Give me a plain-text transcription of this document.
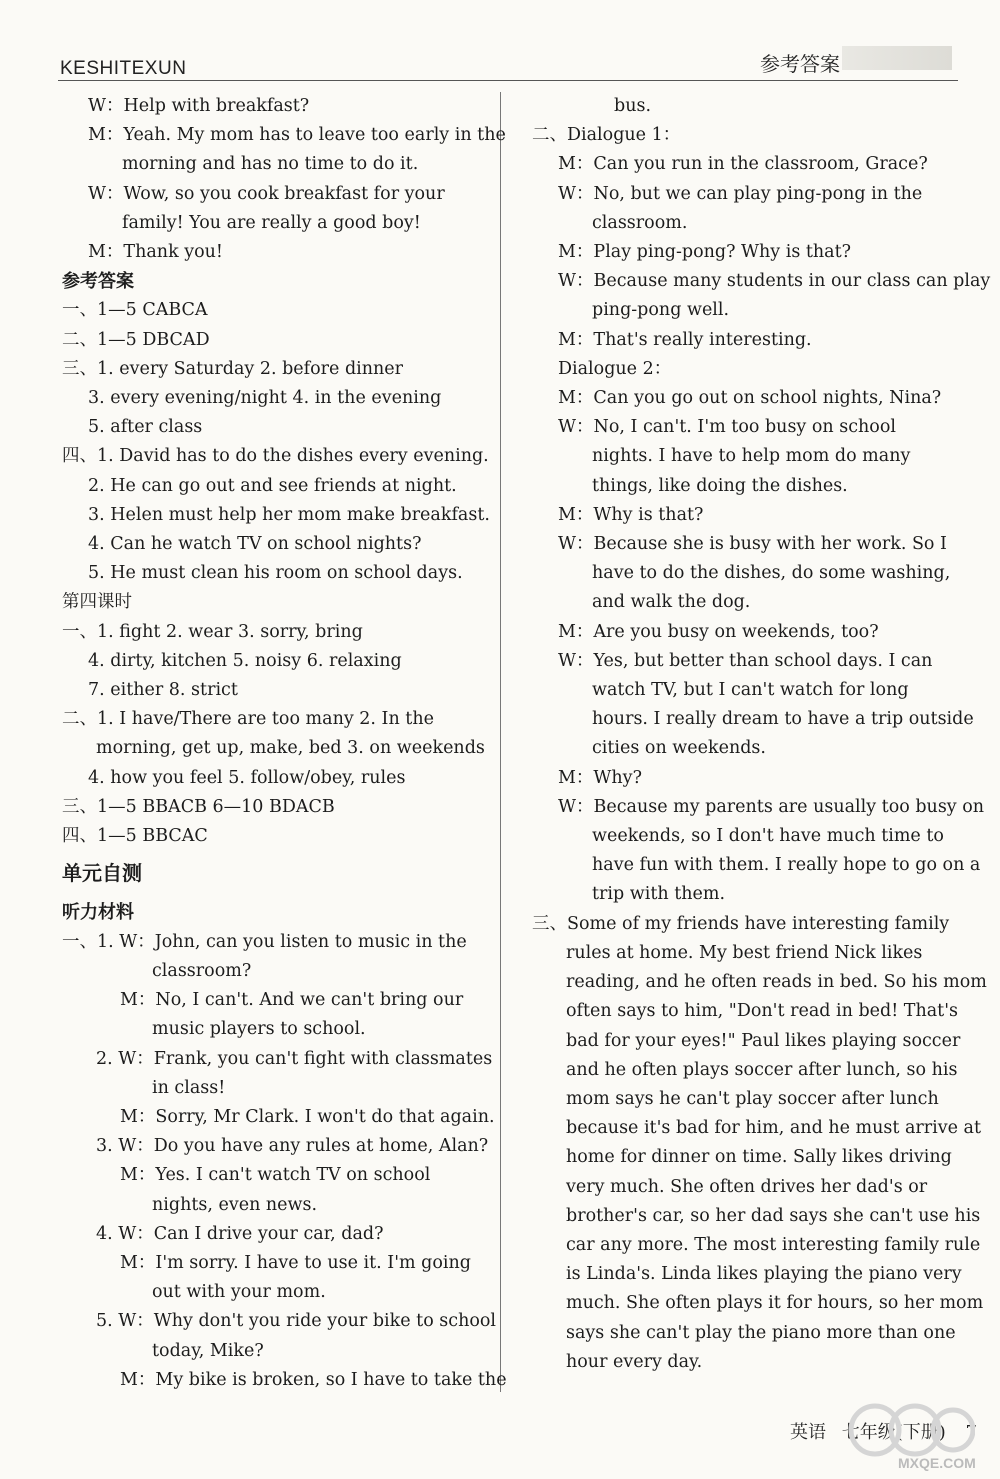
KESHITEXUN	参考答案
W： Help with breakfast?
M： Yeah. My mom has to leave too early in the
morning and has no time to do it.
W： Wow, so you cook breakfast for your
family! You are really a good boy!
M： Thank you!
参考答案
一、 1—5 CABCA
二、 1—5 DBCAD
三、 1. every Saturday 2. before dinner
3. every evening/night 4. in the evening
5. after class
四、 1. David has to do the dishes every evening.
2. He can go out and see friends at night.
3. Helen must help her mom make breakfast.
4. Can he watch TV on school nights?
5. He must clean his room on school days.
第四课时
一、 1. fight 2. wear 3. sorry, bring
4. dirty, kitchen 5. noisy 6. relaxing
7. either 8. strict
二、 1. I have/There are too many 2. In the
morning, get up, make, bed 3. on weekends
4. how you feel 5. follow/obey, rules
三、 1—5 BBACB 6—10 BDACB
四、 1—5 BBCAC
单元自测
听力材料
一、1. W： John, can you listen to music in the
classroom?
M： No, I can't. And we can't bring our
music players to school.
2. W： Frank, you can't fight with classmates
in class!
M： Sorry, Mr Clark. I won't do that again.
3. W： Do you have any rules at home, Alan?
M： Yes. I can't watch TV on school
nights, even news.
4. W： Can I drive your car, dad?
M： I'm sorry. I have to use it. I'm going
out with your mom.
5. W： Why don't you ride your bike to school
today, Mike?
M： My bike is broken, so I have to take the
bus.
二、 Dialogue 1：
M： Can you run in the classroom, Grace?
W： No, but we can play ping-pong in the
classroom.
M： Play ping-pong? Why is that?
W： Because many students in our class can play
ping-pong well.
M： That's really interesting.
Dialogue 2：
M： Can you go out on school nights, Nina?
W： No, I can't. I'm too busy on school
nights. I have to help mom do many
things, like doing the dishes.
M： Why is that?
W： Because she is busy with her work. So I
have to do the dishes, do some washing,
and walk the dog.
M： Are you busy on weekends, too?
W： Yes, but better than school days. I can
watch TV, but I can't watch for long
hours. I really dream to have a trip outside
cities on weekends.
M： Why?
W： Because my parents are usually too busy on
weekends, so I don't have much time to
have fun with them. I really hope to go on a
trip with them.
三、 Some of my friends have interesting family
rules at home. My best friend Nick likes
reading, and he often reads in bed. So his mom
often says to him, "Don't read in bed! That's
bad for your eyes!" Paul likes playing soccer
and he often plays soccer after lunch, so his
mom says he can't play soccer after lunch
because it's bad for him, and he must arrive at
home for dinner on time. Sally likes driving
very much. She often drives her dad's or
brother's car, so her dad says she can't use his
car any more. The most interesting family rule
is Linda's. Linda likes playing the piano very
much. She often plays it for hours, so her mom
says she can't play the piano more than one
hour every day.
英语 七年级(下册) 7
MXQE.COM
